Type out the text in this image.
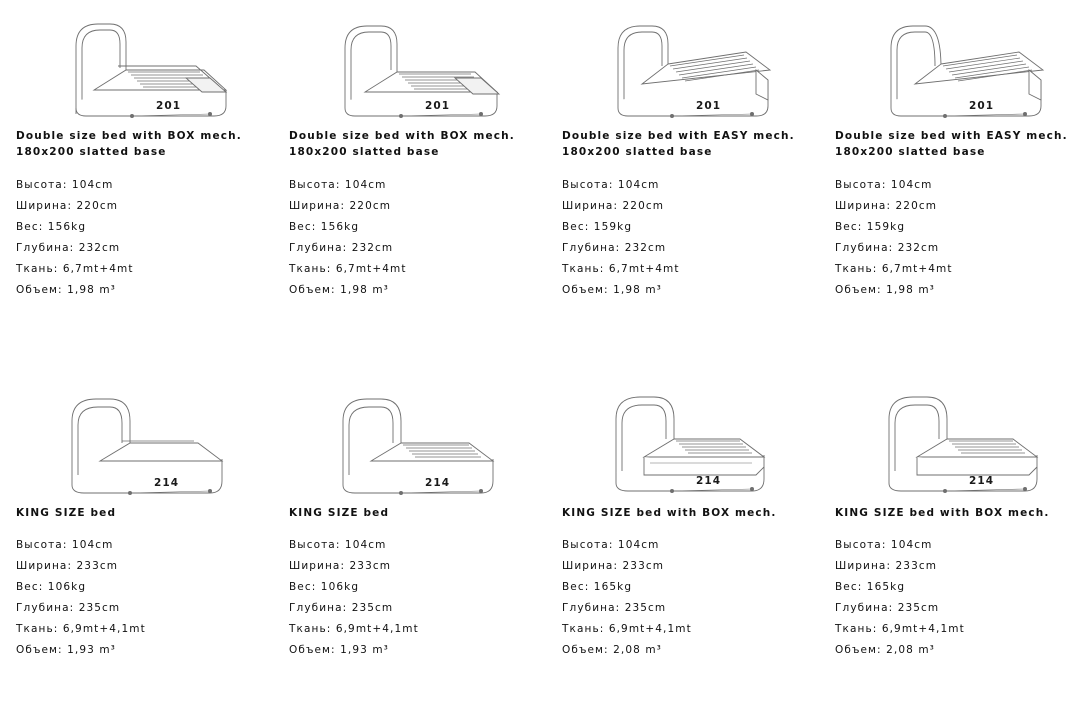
201
Double size bed with BOX mech. 180x200 slatted base
Высота: 104cm
Ширина: 220cm
Вес: 156kg
Глубина: 232cm
Ткань: 6,7mt+4mt
Объем: 1,98 m³
201
Double size bed with BOX mech. 180x200 slatted base
Высота: 104cm
Ширина: 220cm
Вес: 156kg
Глубина: 232cm
Ткань: 6,7mt+4mt
Объем: 1,98 m³
201
Double size bed with EASY mech. 180x200 slatted base
Высота: 104cm
Ширина: 220cm
Вес: 159kg
Глубина: 232cm
Ткань: 6,7mt+4mt
Объем: 1,98 m³
201
Double size bed with EASY mech. 180x200 slatted base
Высота: 104cm
Ширина: 220cm
Вес: 159kg
Глубина: 232cm
Ткань: 6,7mt+4mt
Объем: 1,98 m³
214
KING SIZE bed
Высота: 104cm
Ширина: 233cm
Вес: 106kg
Глубина: 235cm
Ткань: 6,9mt+4,1mt
Объем: 1,93 m³
214
KING SIZE bed
Высота: 104cm
Ширина: 233cm
Вес: 106kg
Глубина: 235cm
Ткань: 6,9mt+4,1mt
Объем: 1,93 m³
214
KING SIZE bed with BOX mech.
Высота: 104cm
Ширина: 233cm
Вес: 165kg
Глубина: 235cm
Ткань: 6,9mt+4,1mt
Объем: 2,08 m³
214
KING SIZE bed with BOX mech.
Высота: 104cm
Ширина: 233cm
Вес: 165kg
Глубина: 235cm
Ткань: 6,9mt+4,1mt
Объем: 2,08 m³
